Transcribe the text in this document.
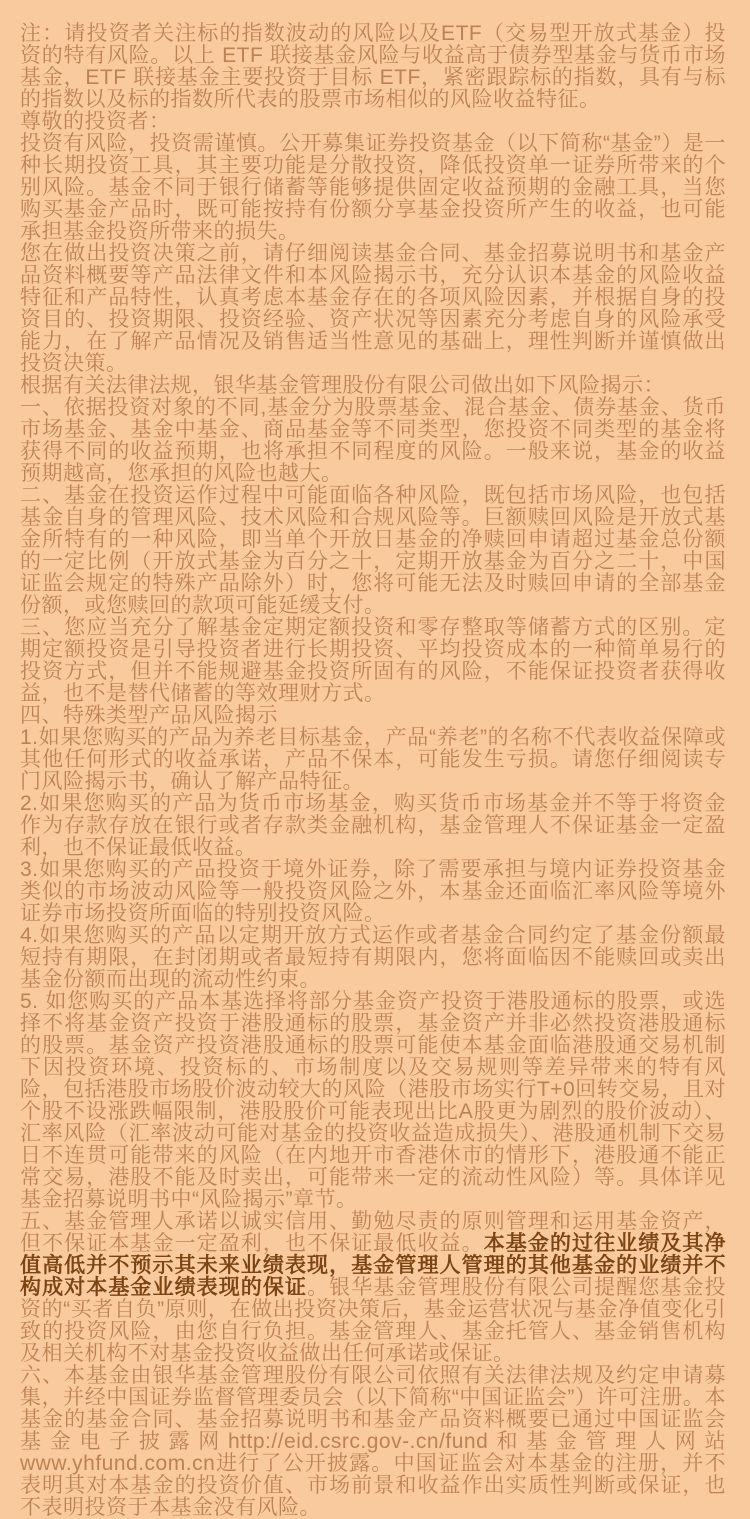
注：请投资者关注标的指数波动的风险以及ETF（交易型开放式基金）投资的特有风险。以上 ETF 联接基金风险与收益高于债券型基金与货币市场基金，ETF 联接基金主要投资于目标 ETF，紧密跟踪标的指数，具有与标的指数以及标的指数所代表的股票市场相似的风险收益特征。

尊敬的投资者：

投资有风险，投资需谨慎。公开募集证券投资基金（以下简称“基金”）是一种长期投资工具，其主要功能是分散投资，降低投资单一证券所带来的个别风险。基金不同于银行储蓄等能够提供固定收益预期的金融工具，当您购买基金产品时，既可能按持有份额分享基金投资所产生的收益，也可能承担基金投资所带来的损失。

您在做出投资决策之前，请仔细阅读基金合同、基金招募说明书和基金产品资料概要等产品法律文件和本风险揭示书，充分认识本基金的风险收益特征和产品特性，认真考虑本基金存在的各项风险因素，并根据自身的投资目的、投资期限、投资经验、资产状况等因素充分考虑自身的风险承受能力，在了解产品情况及销售适当性意见的基础上，理性判断并谨慎做出投资决策。

根据有关法律法规，银华基金管理股份有限公司做出如下风险揭示：

一、依据投资对象的不同,基金分为股票基金、混合基金、债券基金、货币市场基金、基金中基金、商品基金等不同类型，您投资不同类型的基金将获得不同的收益预期，也将承担不同程度的风险。一般来说，基金的收益预期越高，您承担的风险也越大。

二、基金在投资运作过程中可能面临各种风险，既包括市场风险，也包括基金自身的管理风险、技术风险和合规风险等。巨额赎回风险是开放式基金所特有的一种风险，即当单个开放日基金的净赎回申请超过基金总份额的一定比例（开放式基金为百分之十，定期开放基金为百分之二十，中国证监会规定的特殊产品除外）时，您将可能无法及时赎回申请的全部基金份额，或您赎回的款项可能延缓支付。

三、您应当充分了解基金定期定额投资和零存整取等储蓄方式的区别。定期定额投资是引导投资者进行长期投资、平均投资成本的一种简单易行的投资方式，但并不能规避基金投资所固有的风险，不能保证投资者获得收益，也不是替代储蓄的等效理财方式。

四、特殊类型产品风险揭示

1.如果您购买的产品为养老目标基金，产品“养老”的名称不代表收益保障或其他任何形式的收益承诺，产品不保本，可能发生亏损。请您仔细阅读专门风险揭示书，确认了解产品特征。

2.如果您购买的产品为货币市场基金，购买货币市场基金并不等于将资金作为存款存放在银行或者存款类金融机构，基金管理人不保证基金一定盈利，也不保证最低收益。

3.如果您购买的产品投资于境外证券，除了需要承担与境内证券投资基金类似的市场波动风险等一般投资风险之外，本基金还面临汇率风险等境外证券市场投资所面临的特别投资风险。

4.如果您购买的产品以定期开放方式运作或者基金合同约定了基金份额最短持有期限，在封闭期或者最短持有期限内，您将面临因不能赎回或卖出基金份额而出现的流动性约束。

5. 如您购买的产品本基选择将部分基金资产投资于港股通标的股票，或选择不将基金资产投资于港股通标的股票，基金资产并非必然投资港股通标的股票。基金资产投资港股通标的股票可能使本基金面临港股通交易机制下因投资环境、投资标的、市场制度以及交易规则等差异带来的特有风险，包括港股市场股价波动较大的风险（港股市场实行T+0回转交易，且对个股不设涨跌幅限制，港股股价可能表现出比A股更为剧烈的股价波动）、汇率风险（汇率波动可能对基金的投资收益造成损失）、港股通机制下交易日不连贯可能带来的风险（在内地开市香港休市的情形下，港股通不能正常交易，港股不能及时卖出，可能带来一定的流动性风险）等。具体详见基金招募说明书中“风险揭示”章节。

五、基金管理人承诺以诚实信用、勤勉尽责的原则管理和运用基金资产，但不保证本基金一定盈利，也不保证最低收益。本基金的过往业绩及其净值高低并不预示其未来业绩表现，基金管理人管理的其他基金的业绩并不构成对本基金业绩表现的保证。银华基金管理股份有限公司提醒您基金投资的“买者自负”原则，在做出投资决策后，基金运营状况与基金净值变化引致的投资风险，由您自行负担。基金管理人、基金托管人、基金销售机构及相关机构不对基金投资收益做出任何承诺或保证。

六、本基金由银华基金管理股份有限公司依照有关法律法规及约定申请募集，并经中国证券监督管理委员会（以下简称“中国证监会”）许可注册。本基金的基金合同、基金招募说明书和基金产品资料概要已通过中国证监会基金电子披露网http://eid.csrc.gov-.cn/fund和基金管理人网站www.yhfund.com.cn进行了公开披露。中国证监会对本基金的注册，并不表明其对本基金的投资价值、市场前景和收益作出实质性判断或保证，也不表明投资于本基金没有风险。
